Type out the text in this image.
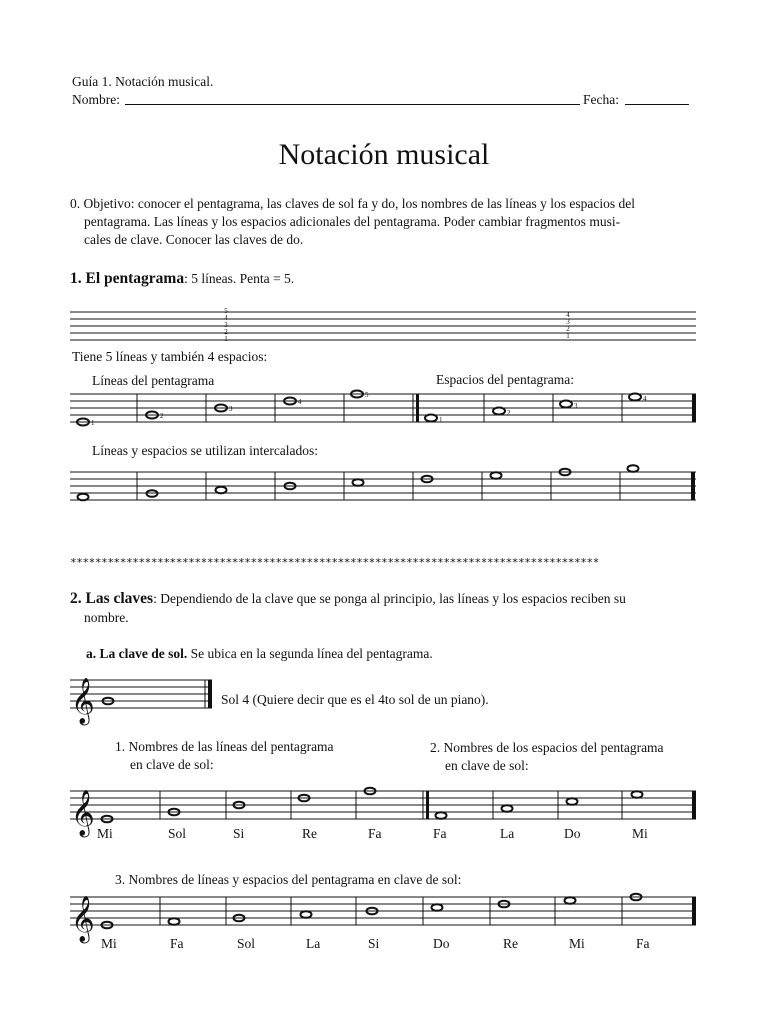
Guía 1. Notación musical.
Nombre:	Fecha:
Notación musical
0. Objetivo: conocer el pentagrama, las claves de sol fa y do, los nombres de las líneas y los espacios del
pentagrama. Las líneas y los espacios adicionales del pentagrama. Poder cambiar fragmentos musi-
cales de clave. Conocer las claves de do.
1. El pentagrama: 5 líneas. Penta = 5.
5
4
3
2
1
4
3
2
1
Tiene 5 líneas y también 4 espacios:
Líneas del pentagrama	Espacios del pentagrama:
1
2
3
4
5
1
2
3
4
Líneas y espacios se utilizan intercalados:
*************************************************************************************
2. Las claves: Dependiendo de la clave que se ponga al principio, las líneas y los espacios reciben su
nombre.
a. La clave de sol. Se ubica en la segunda línea del pentagrama.
𝄞	Sol 4 (Quiere decir que es el 4to sol de un piano).
1. Nombres de las líneas del pentagrama
en clave de sol:
2. Nombres de los espacios del pentagrama
en clave de sol:
𝄞 Mi	Sol	Si	Re	Fa	Fa	La	Do	Mi
3. Nombres de líneas y espacios del pentagrama en clave de sol:
𝄞
Mi	Fa	Sol	La	Si	Do	Re	Mi	Fa
